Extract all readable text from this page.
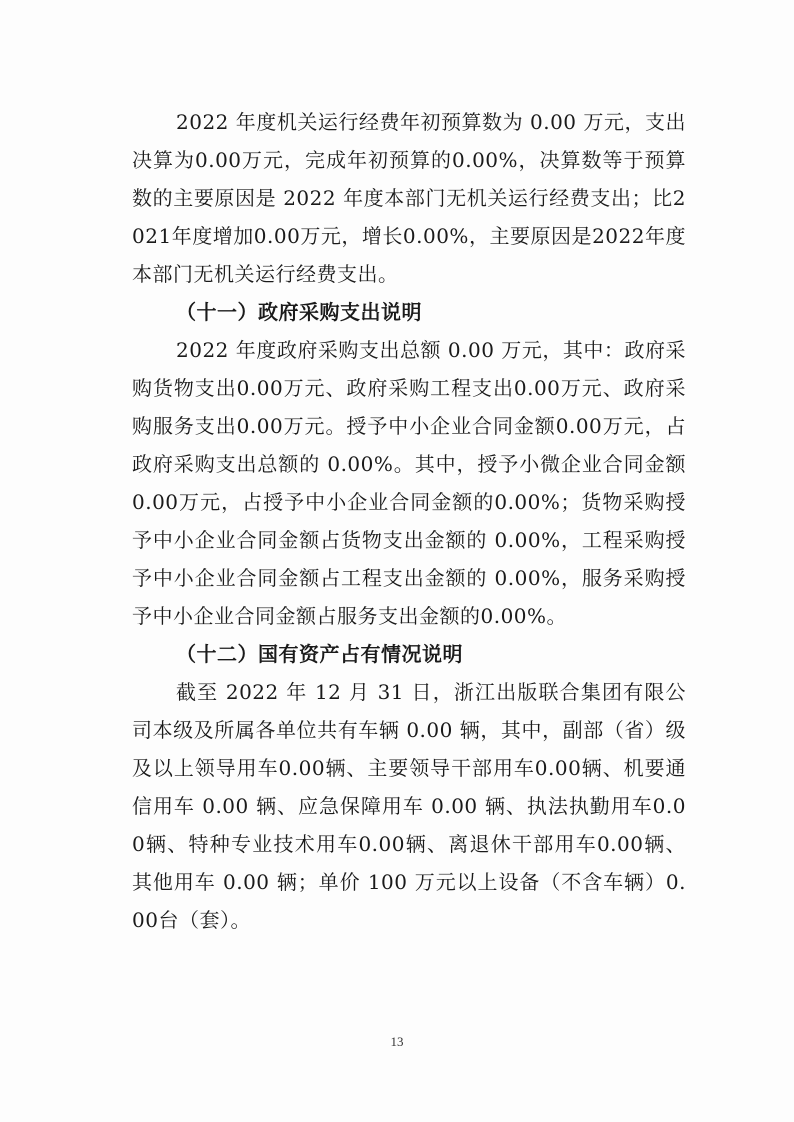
2022 年度机关运行经费年初预算数为 0.00 万元，支出决算为0.00万元，完成年初预算的0.00%，决算数等于预算数的主要原因是 2022 年度本部门无机关运行经费支出；比2021年度增加0.00万元，增长0.00%，主要原因是2022年度本部门无机关运行经费支出。

（十一）政府采购支出说明

2022 年度政府采购支出总额 0.00 万元，其中：政府采购货物支出0.00万元、政府采购工程支出0.00万元、政府采购服务支出0.00万元。授予中小企业合同金额0.00万元，占政府采购支出总额的 0.00%。其中，授予小微企业合同金额0.00万元，占授予中小企业合同金额的0.00%；货物采购授予中小企业合同金额占货物支出金额的 0.00%，工程采购授予中小企业合同金额占工程支出金额的 0.00%，服务采购授予中小企业合同金额占服务支出金额的0.00%。

（十二）国有资产占有情况说明

截至 2022 年 12 月 31 日，浙江出版联合集团有限公司本级及所属各单位共有车辆 0.00 辆，其中，副部（省）级及以上领导用车0.00辆、主要领导干部用车0.00辆、机要通信用车 0.00 辆、应急保障用车 0.00 辆、执法执勤用车0.00辆、特种专业技术用车0.00辆、离退休干部用车0.00辆、其他用车 0.00 辆；单价 100 万元以上设备（不含车辆）0.00台（套）。

13
